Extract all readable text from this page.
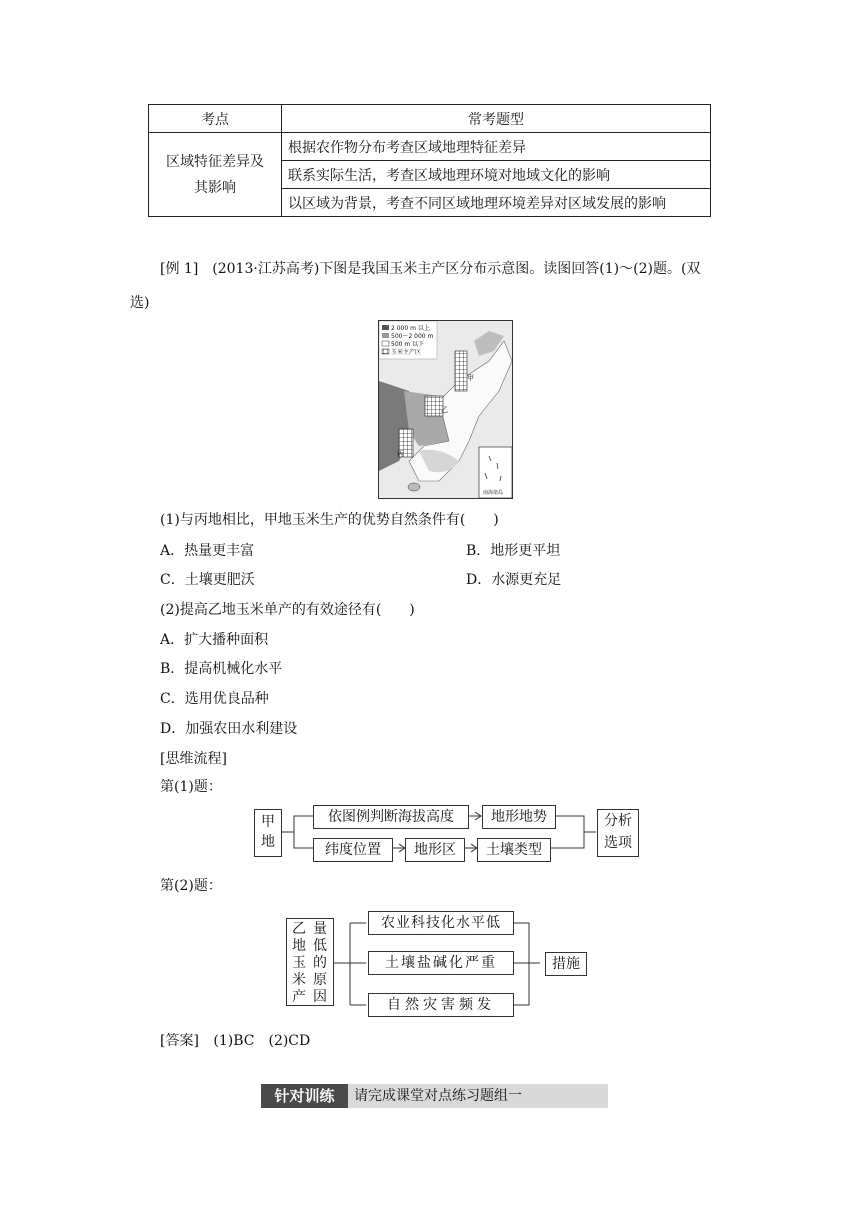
考点	常考题型
区域特征差异及其影响	根据农作物分布考查区域地理特征差异
	联系实际生活，考查区域地理环境对地域文化的影响
	以区域为背景，考查不同区域地理环境差异对区域发展的影响
[例 1]　(2013·江苏高考)下图是我国玉米主产区分布示意图。读图回答(1)～(2)题。(双
选)
2 000 m 以上
500～2 000 m
500 m 以下
玉米主产区
甲
乙
丙
南海诸岛
(1)与丙地相比，甲地玉米生产的优势自然条件有(　　)
A．热量更丰富	B．地形更平坦
C．土壤更肥沃	D．水源更充足
(2)提高乙地玉米单产的有效途径有(　　)
A．扩大播种面积
B．提高机械化水平
C．选用优良品种
D．加强农田水利建设
[思维流程]
第(1)题：
甲地
依图例判断海拔高度	地形地势
纬度位置	地形区	土壤类型
分析选项
第(2)题：
乙地玉米产
量低的原因
农业科技化水平低
土壤盐碱化严重
自然灾害频发
措施
[答案] (1)BC　(2)CD
针对训练	请完成课堂对点练习题组一
